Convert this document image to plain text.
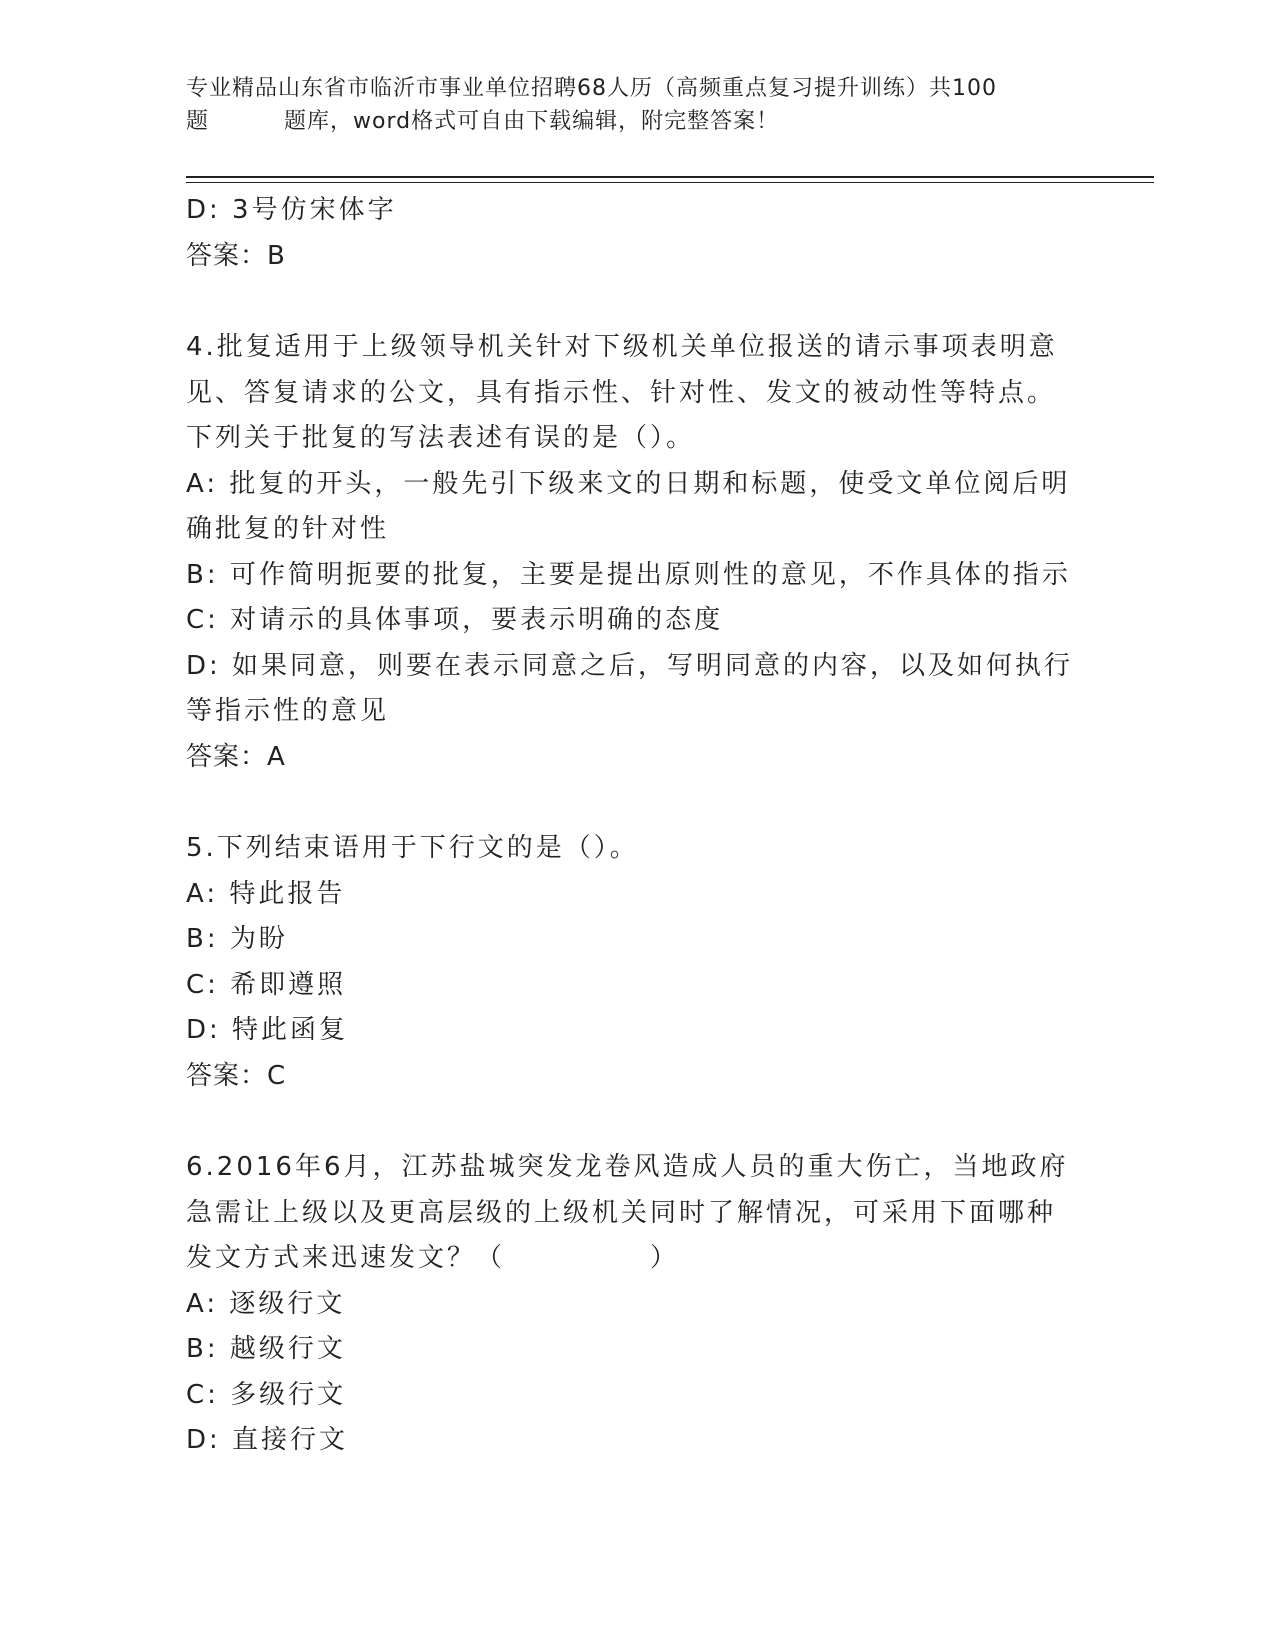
专业精品山东省市临沂市事业单位招聘68人历（高频重点复习提升训练）共100
题	题库，word格式可自由下载编辑，附完整答案！
D: 3号仿宋体字
答案：B
4.批复适用于上级领导机关针对下级机关单位报送的请示事项表明意
见、答复请求的公文，具有指示性、针对性、发文的被动性等特点。
下列关于批复的写法表述有误的是（）。
A: 批复的开头，一般先引下级来文的日期和标题，使受文单位阅后明
确批复的针对性
B: 可作简明扼要的批复，主要是提出原则性的意见，不作具体的指示
C: 对请示的具体事项，要表示明确的态度
D: 如果同意，则要在表示同意之后，写明同意的内容，以及如何执行
等指示性的意见
答案：A
5.下列结束语用于下行文的是（）。
A: 特此报告
B: 为盼
C: 希即遵照
D: 特此函复
答案：C
6.2016年6月，江苏盐城突发龙卷风造成人员的重大伤亡，当地政府
急需让上级以及更高层级的上级机关同时了解情况，可采用下面哪种
发文方式来迅速发文？（　　　　　）
A: 逐级行文
B: 越级行文
C: 多级行文
D: 直接行文
